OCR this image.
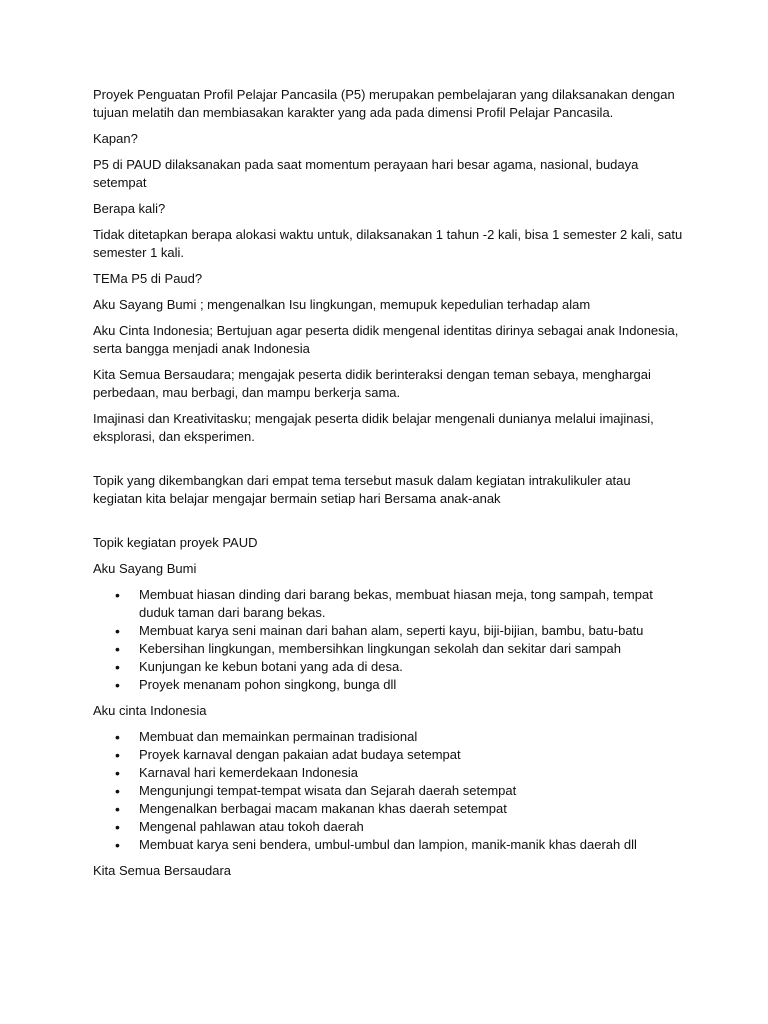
Proyek Penguatan Profil Pelajar Pancasila (P5) merupakan pembelajaran yang dilaksanakan dengan tujuan melatih dan membiasakan karakter yang ada pada dimensi Profil Pelajar Pancasila.

Kapan?

P5 di PAUD dilaksanakan pada saat momentum perayaan hari besar agama, nasional, budaya setempat

Berapa kali?

Tidak ditetapkan berapa alokasi waktu untuk, dilaksanakan 1 tahun -2 kali, bisa 1 semester 2 kali, satu semester 1 kali.

TEMa P5 di Paud?

Aku Sayang Bumi ; mengenalkan Isu lingkungan, memupuk kepedulian terhadap alam

Aku Cinta Indonesia; Bertujuan agar peserta didik mengenal identitas dirinya sebagai anak Indonesia, serta bangga menjadi anak Indonesia

Kita Semua Bersaudara; mengajak peserta didik berinteraksi dengan teman sebaya, menghargai perbedaan, mau berbagi, dan mampu berkerja sama.

Imajinasi dan Kreativitasku; mengajak peserta didik belajar mengenali dunianya melalui imajinasi, eksplorasi, dan eksperimen.

Topik yang dikembangkan dari empat tema tersebut masuk dalam kegiatan intrakulikuler atau kegiatan kita belajar mengajar bermain setiap hari Bersama anak-anak

Topik kegiatan proyek PAUD

Aku Sayang Bumi

• Membuat hiasan dinding dari barang bekas, membuat hiasan meja, tong sampah, tempat duduk taman dari barang bekas.
• Membuat karya seni mainan dari bahan alam, seperti kayu, biji-bijian, bambu, batu-batu
• Kebersihan lingkungan, membersihkan lingkungan sekolah dan sekitar dari sampah
• Kunjungan ke kebun botani yang ada di desa.
• Proyek menanam pohon singkong, bunga dll

Aku cinta Indonesia

• Membuat dan memainkan permainan tradisional
• Proyek karnaval dengan pakaian adat budaya setempat
• Karnaval hari kemerdekaan Indonesia
• Mengunjungi tempat-tempat wisata dan Sejarah daerah setempat
• Mengenalkan berbagai macam makanan khas daerah setempat
• Mengenal pahlawan atau tokoh daerah
• Membuat karya seni bendera, umbul-umbul dan lampion, manik-manik khas daerah dll

Kita Semua Bersaudara
